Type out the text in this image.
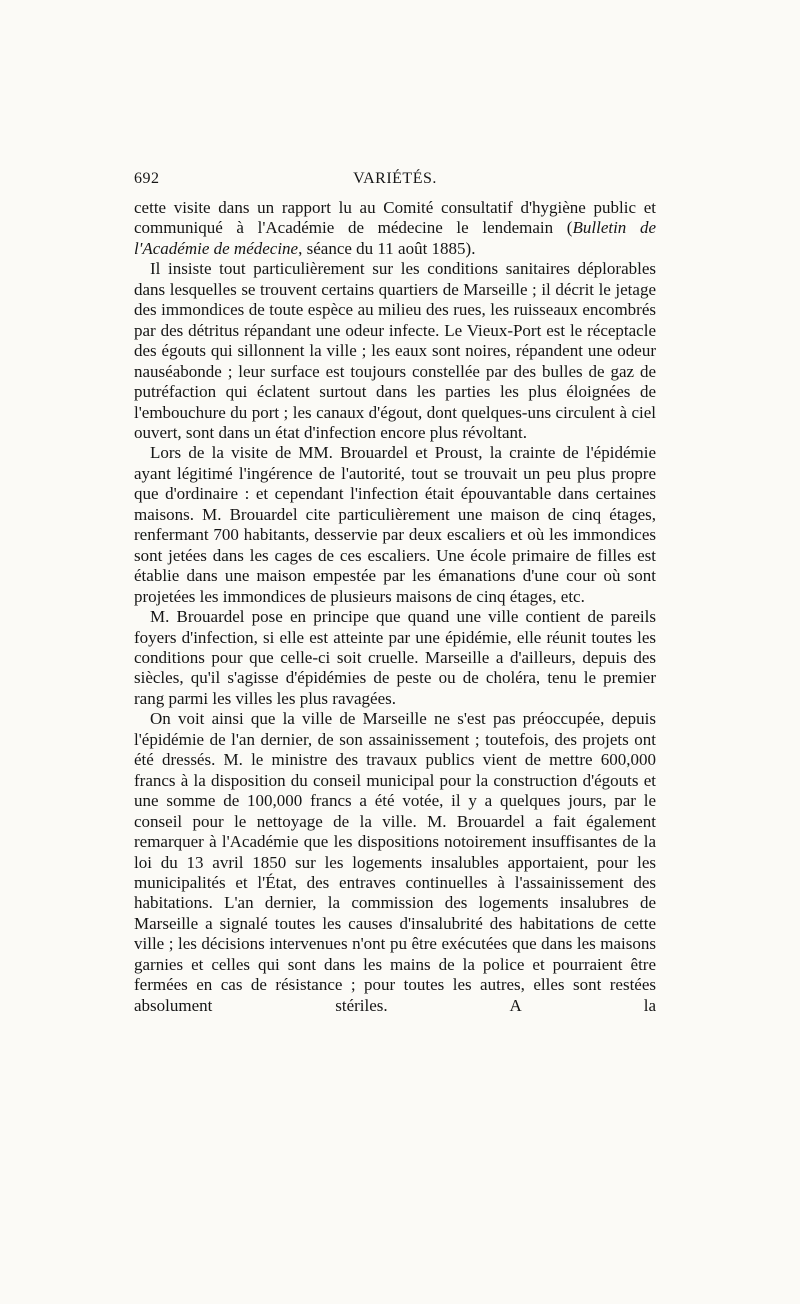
692	VARIÉTÉS.

cette visite dans un rapport lu au Comité consultatif d'hygiène public et communiqué à l'Académie de médecine le lendemain (Bulletin de l'Académie de médecine, séance du 11 août 1885).

Il insiste tout particulièrement sur les conditions sanitaires déplorables dans lesquelles se trouvent certains quartiers de Marseille ; il décrit le jetage des immondices de toute espèce au milieu des rues, les ruisseaux encombrés par des détritus répandant une odeur infecte. Le Vieux-Port est le réceptacle des égouts qui sillonnent la ville ; les eaux sont noires, répandent une odeur nauséabonde ; leur surface est toujours constellée par des bulles de gaz de putréfaction qui éclatent surtout dans les parties les plus éloignées de l'embouchure du port ; les canaux d'égout, dont quelques-uns circulent à ciel ouvert, sont dans un état d'infection encore plus révoltant.

Lors de la visite de MM. Brouardel et Proust, la crainte de l'épidémie ayant légitimé l'ingérence de l'autorité, tout se trouvait un peu plus propre que d'ordinaire : et cependant l'infection était épouvantable dans certaines maisons. M. Brouardel cite particulièrement une maison de cinq étages, renfermant 700 habitants, desservie par deux escaliers et où les immondices sont jetées dans les cages de ces escaliers. Une école primaire de filles est établie dans une maison empestée par les émanations d'une cour où sont projetées les immondices de plusieurs maisons de cinq étages, etc.

M. Brouardel pose en principe que quand une ville contient de pareils foyers d'infection, si elle est atteinte par une épidémie, elle réunit toutes les conditions pour que celle-ci soit cruelle. Marseille a d'ailleurs, depuis des siècles, qu'il s'agisse d'épidémies de peste ou de choléra, tenu le premier rang parmi les villes les plus ravagées.

On voit ainsi que la ville de Marseille ne s'est pas préoccupée, depuis l'épidémie de l'an dernier, de son assainissement ; toutefois, des projets ont été dressés. M. le ministre des travaux publics vient de mettre 600,000 francs à la disposition du conseil municipal pour la construction d'égouts et une somme de 100,000 francs a été votée, il y a quelques jours, par le conseil pour le nettoyage de la ville. M. Brouardel a fait également remarquer à l'Académie que les dispositions notoirement insuffisantes de la loi du 13 avril 1850 sur les logements insalubles apportaient, pour les municipalités et l'État, des entraves continuelles à l'assainissement des habitations. L'an dernier, la commission des logements insalubres de Marseille a signalé toutes les causes d'insalubrité des habitations de cette ville ; les décisions intervenues n'ont pu être exécutées que dans les maisons garnies et celles qui sont dans les mains de la police et pourraient être fermées en cas de résistance ; pour toutes les autres, elles sont restées absolument stériles. A la
